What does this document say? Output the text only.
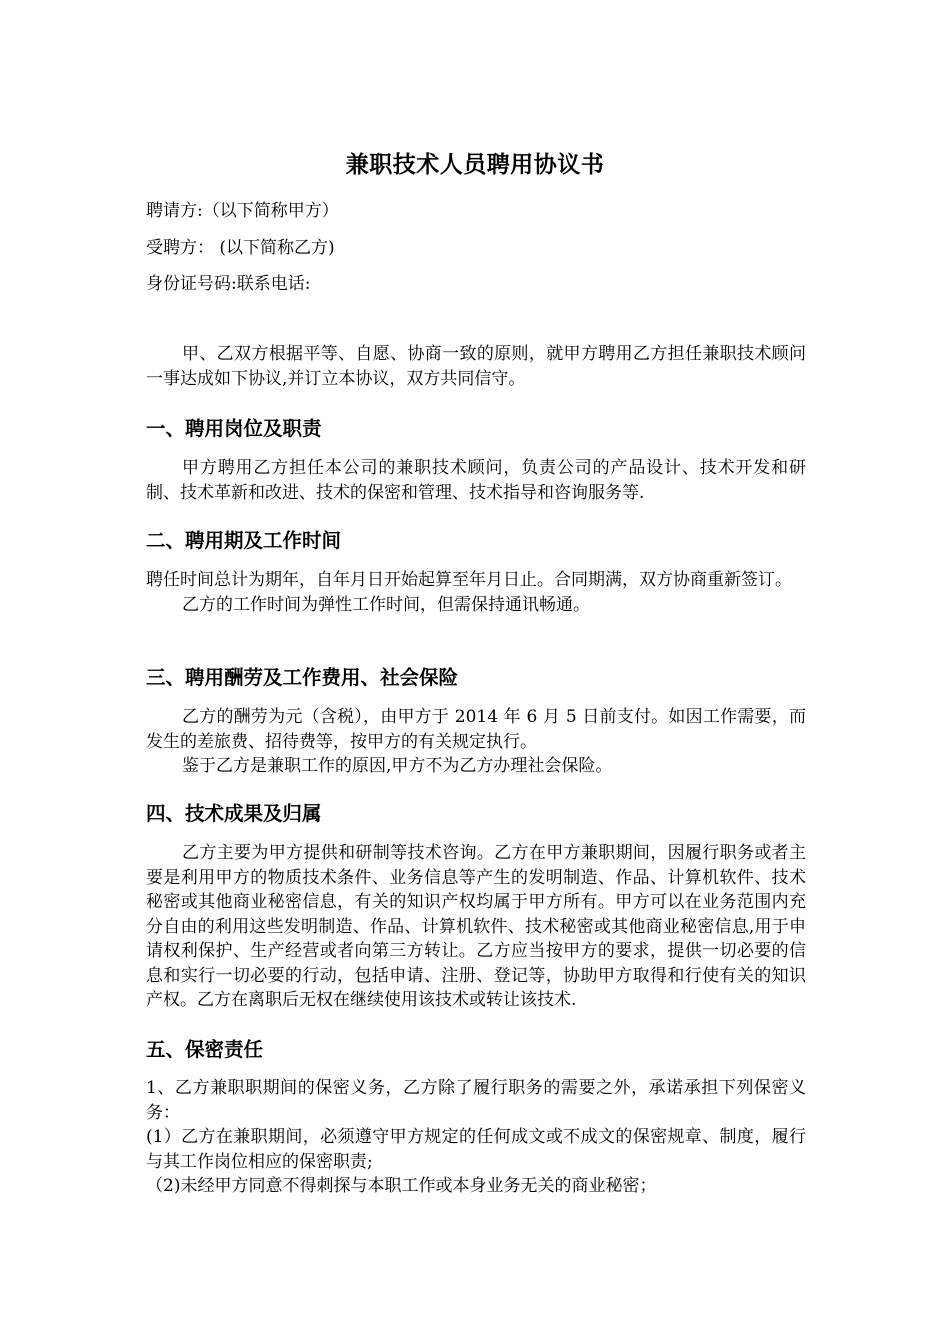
兼职技术人员聘用协议书
聘请方:（以下简称甲方）
受聘方： (以下简称乙方)
身份证号码:联系电话:

甲、乙双方根据平等、自愿、协商一致的原则，就甲方聘用乙方担任兼职技术顾问一事达成如下协议,并订立本协议，双方共同信守。

一、聘用岗位及职责

甲方聘用乙方担任本公司的兼职技术顾问，负责公司的产品设计、技术开发和研制、技术革新和改进、技术的保密和管理、技术指导和咨询服务等.

二、聘用期及工作时间

聘任时间总计为期年，自年月日开始起算至年月日止。合同期满，双方协商重新签订。

乙方的工作时间为弹性工作时间，但需保持通讯畅通。

三、聘用酬劳及工作费用、社会保险

乙方的酬劳为元（含税），由甲方于 2014 年 6 月 5 日前支付。如因工作需要，而发生的差旅费、招待费等，按甲方的有关规定执行。

鉴于乙方是兼职工作的原因,甲方不为乙方办理社会保险。

四、技术成果及归属

乙方主要为甲方提供和研制等技术咨询。乙方在甲方兼职期间，因履行职务或者主要是利用甲方的物质技术条件、业务信息等产生的发明制造、作品、计算机软件、技术秘密或其他商业秘密信息，有关的知识产权均属于甲方所有。甲方可以在业务范围内充分自由的利用这些发明制造、作品、计算机软件、技术秘密或其他商业秘密信息,用于申请权利保护、生产经营或者向第三方转让。乙方应当按甲方的要求，提供一切必要的信息和实行一切必要的行动，包括申请、注册、登记等，协助甲方取得和行使有关的知识产权。乙方在离职后无权在继续使用该技术或转让该技术.

五、保密责任

1、乙方兼职职期间的保密义务，乙方除了履行职务的需要之外，承诺承担下列保密义务：

(1）乙方在兼职期间，必须遵守甲方规定的任何成文或不成文的保密规章、制度，履行与其工作岗位相应的保密职责;

（2)未经甲方同意不得刺探与本职工作或本身业务无关的商业秘密；
